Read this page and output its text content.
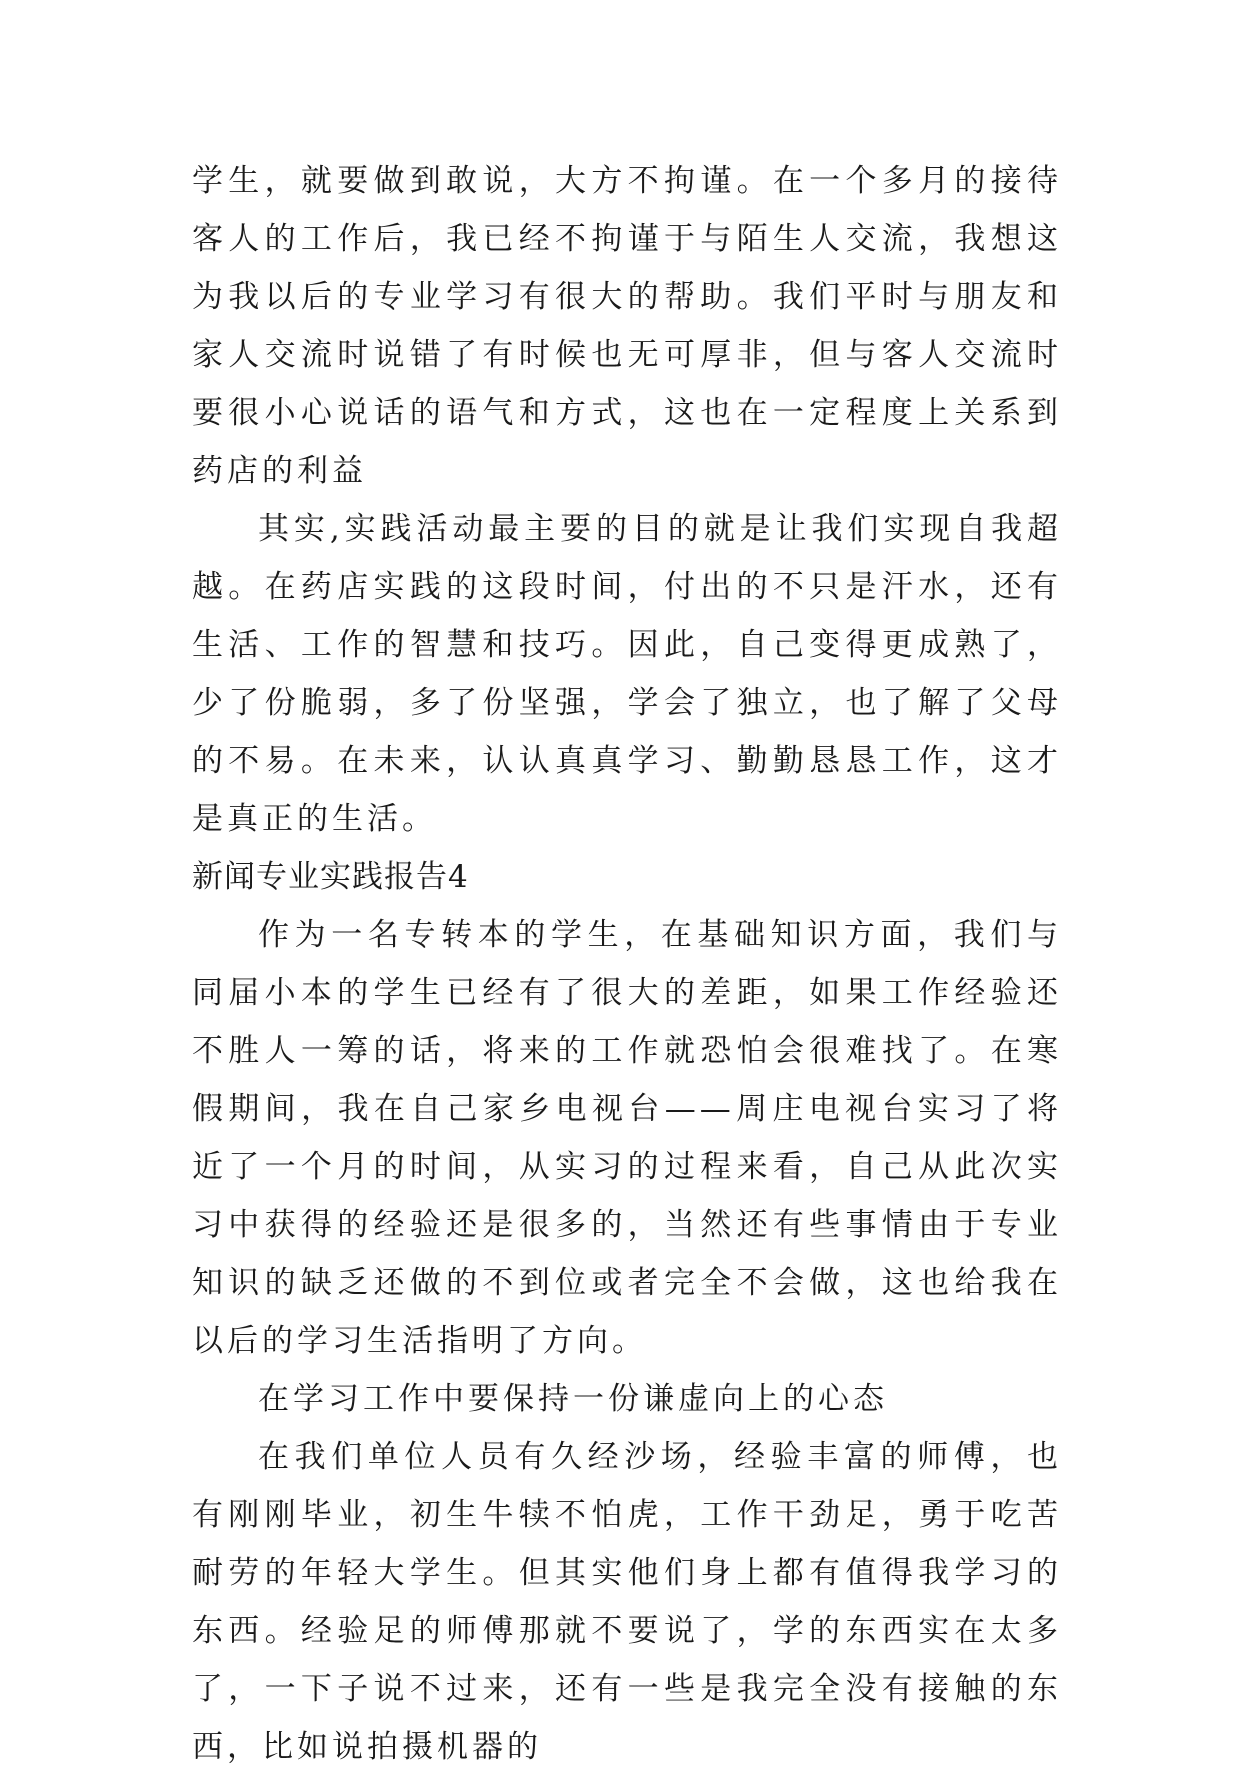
学生，就要做到敢说，大方不拘谨。在一个多月的接待客人的工作后，我已经不拘谨于与陌生人交流，我想这为我以后的专业学习有很大的帮助。我们平时与朋友和家人交流时说错了有时候也无可厚非，但与客人交流时要很小心说话的语气和方式，这也在一定程度上关系到药店的利益

其实,实践活动最主要的目的就是让我们实现自我超越。在药店实践的这段时间，付出的不只是汗水，还有生活、工作的智慧和技巧。因此，自己变得更成熟了，少了份脆弱，多了份坚强，学会了独立，也了解了父母的不易。在未来，认认真真学习、勤勤恳恳工作，这才是真正的生活。

新闻专业实践报告4

作为一名专转本的学生，在基础知识方面，我们与同届小本的学生已经有了很大的差距，如果工作经验还不胜人一筹的话，将来的工作就恐怕会很难找了。在寒假期间，我在自己家乡电视台——周庄电视台实习了将近了一个月的时间，从实习的过程来看，自己从此次实习中获得的经验还是很多的，当然还有些事情由于专业知识的缺乏还做的不到位或者完全不会做，这也给我在以后的学习生活指明了方向。

在学习工作中要保持一份谦虚向上的心态

在我们单位人员有久经沙场，经验丰富的师傅，也有刚刚毕业，初生牛犊不怕虎，工作干劲足，勇于吃苦耐劳的年轻大学生。但其实他们身上都有值得我学习的东西。经验足的师傅那就不要说了，学的东西实在太多了，一下子说不过来，还有一些是我完全没有接触的东西，比如说拍摄机器的
